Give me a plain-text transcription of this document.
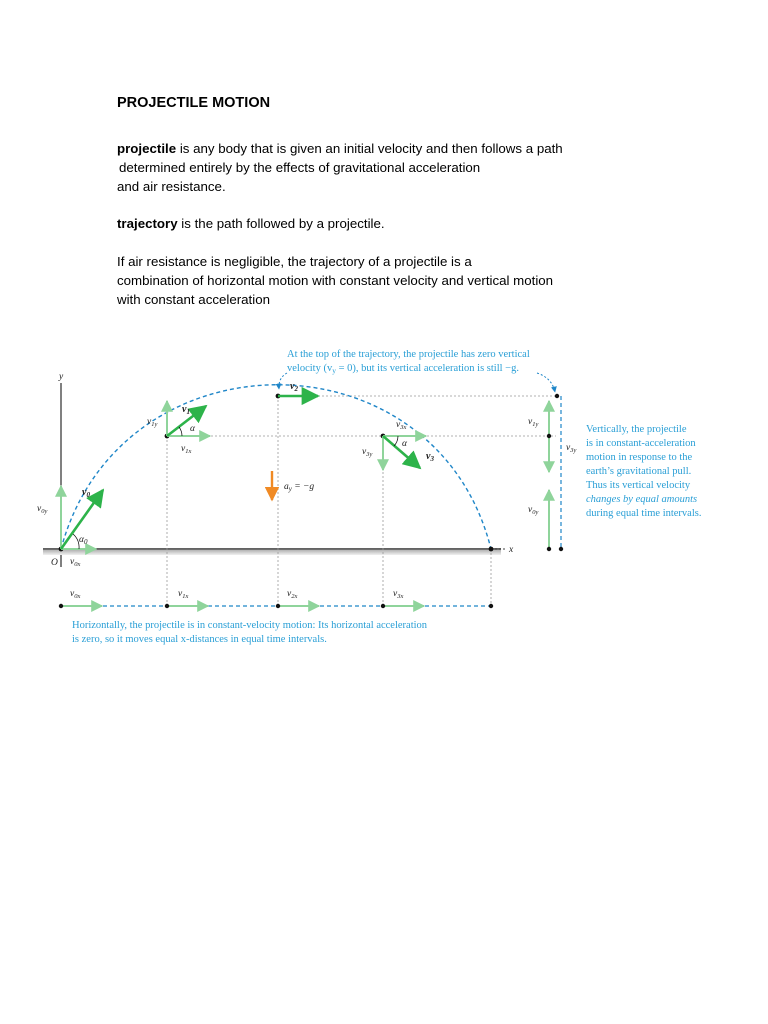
PROJECTILE MOTION
projectile is any body that is given an initial velocity and then follows a path
determined entirely by the effects of gravitational acceleration
and air resistance.
trajectory is the path followed by a projectile.
If air resistance is negligible, the trajectory of a projectile is a
combination of horizontal motion with constant velocity and vertical motion
with constant acceleration
At the top of the trajectory, the projectile has zero vertical
velocity (vy = 0), but its vertical acceleration is still −g.
y
x
O
$\alpha_0$
$v_0$
$v_{0y}$
$v_{0x}$
α
$v_1$
$v_{1y}$
$v_{1x}$
$v_2$
$a_y = -g$
α
$v_{3x}$
$v_{3y}$	$v_3$
$v_{1y}$
$v_{0y}$
$v_{3y}$
Vertically, the projectile
is in constant-acceleration
motion in response to the
earth’s gravitational pull.
Thus its vertical velocity
changes by equal amounts
during equal time intervals.
$v_{0x}$	$v_{1x}$	$v_{2x}$	$v_{3x}$
Horizontally, the projectile is in constant-velocity motion: Its horizontal acceleration
is zero, so it moves equal x-distances in equal time intervals.
